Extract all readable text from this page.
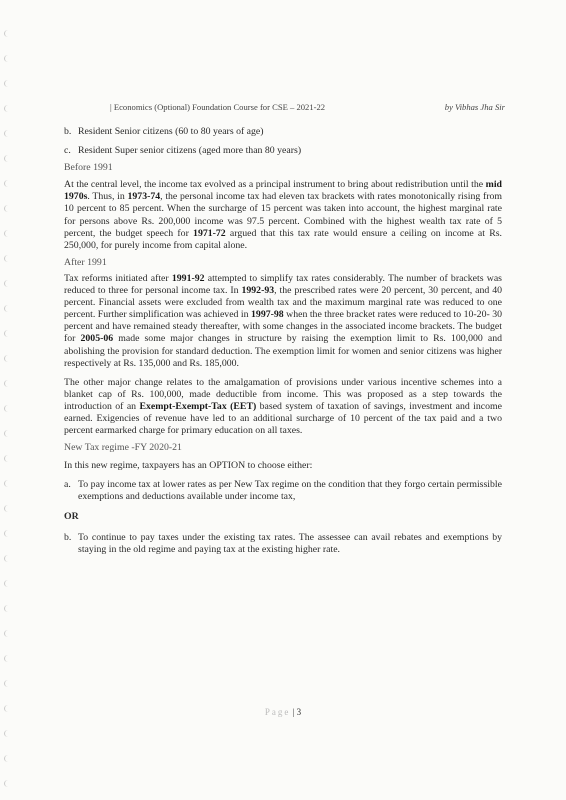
| Economics (Optional) Foundation Course for CSE – 2021-22	by Vibhas Jha Sir
b. Resident Senior citizens (60 to 80 years of age)
c. Resident Super senior citizens (aged more than 80 years)

Before 1991

At the central level, the income tax evolved as a principal instrument to bring about redistribution until the mid 1970s. Thus, in 1973-74, the personal income tax had eleven tax brackets with rates monotonically rising from 10 percent to 85 percent. When the surcharge of 15 percent was taken into account, the highest marginal rate for persons above Rs. 200,000 income was 97.5 percent. Combined with the highest wealth tax rate of 5 percent, the budget speech for 1971-72 argued that this tax rate would ensure a ceiling on income at Rs. 250,000, for purely income from capital alone.

After 1991

Tax reforms initiated after 1991-92 attempted to simplify tax rates considerably. The number of brackets was reduced to three for personal income tax. In 1992-93, the prescribed rates were 20 percent, 30 percent, and 40 percent. Financial assets were excluded from wealth tax and the maximum marginal rate was reduced to one percent. Further simplification was achieved in 1997-98 when the three bracket rates were reduced to 10-20- 30 percent and have remained steady thereafter, with some changes in the associated income brackets. The budget for 2005-06 made some major changes in structure by raising the exemption limit to Rs. 100,000 and abolishing the provision for standard deduction. The exemption limit for women and senior citizens was higher respectively at Rs. 135,000 and Rs. 185,000.

The other major change relates to the amalgamation of provisions under various incentive schemes into a blanket cap of Rs. 100,000, made deductible from income. This was proposed as a step towards the introduction of an Exempt-Exempt-Tax (EET) based system of taxation of savings, investment and income earned. Exigencies of revenue have led to an additional surcharge of 10 percent of the tax paid and a two percent earmarked charge for primary education on all taxes.

New Tax regime -FY 2020-21

In this new regime, taxpayers has an OPTION to choose either:

a. To pay income tax at lower rates as per New Tax regime on the condition that they forgo certain permissible exemptions and deductions available under income tax,

OR

b. To continue to pay taxes under the existing tax rates. The assessee can avail rebates and exemptions by staying in the old regime and paying tax at the existing higher rate.
Page | 3
